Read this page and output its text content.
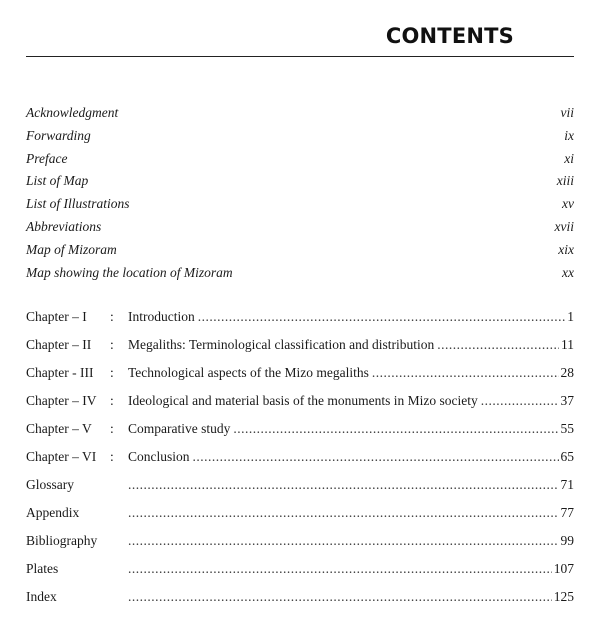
CONTENTS
Acknowledgment	vii
Forwarding	ix
Preface	xi
List of Map	xiii
List of Illustrations	xv
Abbreviations	xvii
Map of Mizoram	xix
Map showing the location of Mizoram	xx
Chapter – I	:	Introduction .....	1
Chapter – II	:	Megaliths: Terminological classification and distribution .....	11
Chapter - III	:	Technological aspects of the Mizo megaliths .....	28
Chapter – IV	:	Ideological and material basis of the monuments in Mizo society .....	37
Chapter – V	:	Comparative study .....	55
Chapter – VI	:	Conclusion .....	65
Glossary .....	71
Appendix .....	77
Bibliography .....	99
Plates .....	107
Index .....	125
